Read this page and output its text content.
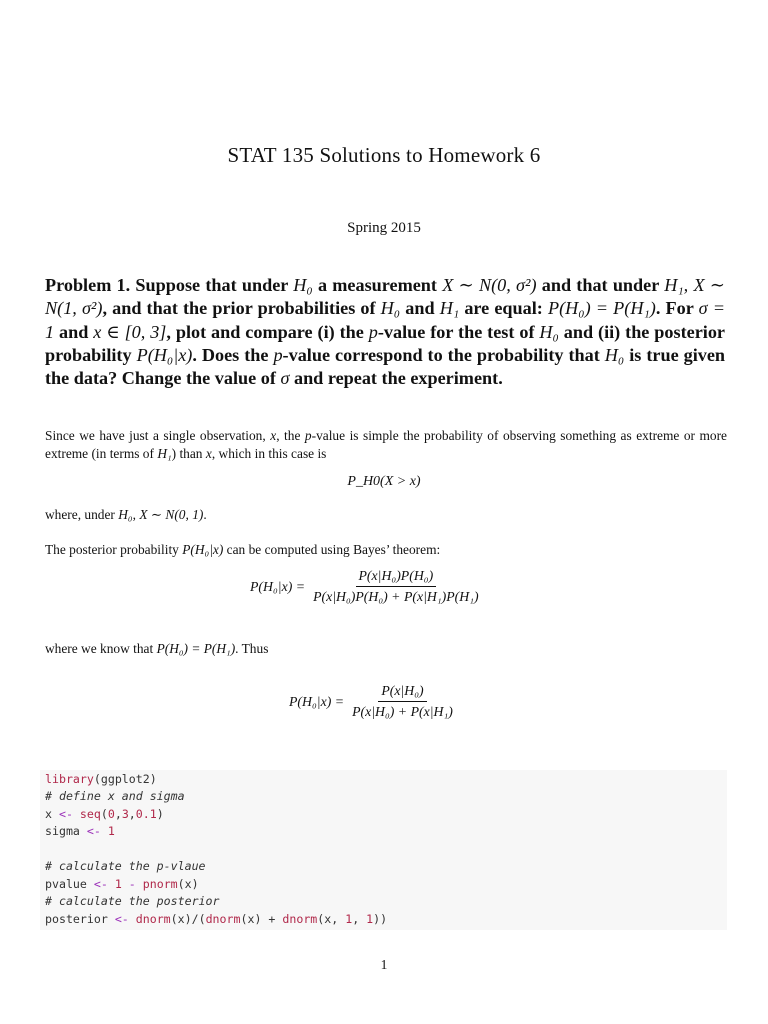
STAT 135 Solutions to Homework 6
Spring 2015
Problem 1. Suppose that under H₀ a measurement X ∼ N(0, σ²) and that under H₁, X ∼ N(1, σ²), and that the prior probabilities of H₀ and H₁ are equal: P(H₀) = P(H₁). For σ = 1 and x ∈ [0, 3], plot and compare (i) the p-value for the test of H₀ and (ii) the posterior probability P(H₀|x). Does the p-value correspond to the probability that H₀ is true given the data? Change the value of σ and repeat the experiment.
Since we have just a single observation, x, the p-value is simple the probability of observing something as extreme or more extreme (in terms of H₁) than x, which in this case is
P_H0(X > x)
where, under H₀, X ∼ N(0, 1).
The posterior probability P(H₀|x) can be computed using Bayes’ theorem:
$P(H_0|x) = \frac{\text{P(x|H₀)P(H₀)}}{\text{P(x|H₀)P(H₀) + P(x|H₁)P(H₁)}}$
where we know that P(H₀) = P(H₁). Thus
$P(H_0|x) = \frac{\text{P(x|H₀)}}{\text{P(x|H₀) + P(x|H₁)}}$
library(ggplot2)
# define x and sigma
x <- seq(0,3,0.1)
sigma <- 1
# calculate the p-vlaue
pvalue <- 1 - pnorm(x)
# calculate the posterior
posterior <- dnorm(x)/(dnorm(x) + dnorm(x, 1, 1))
1
